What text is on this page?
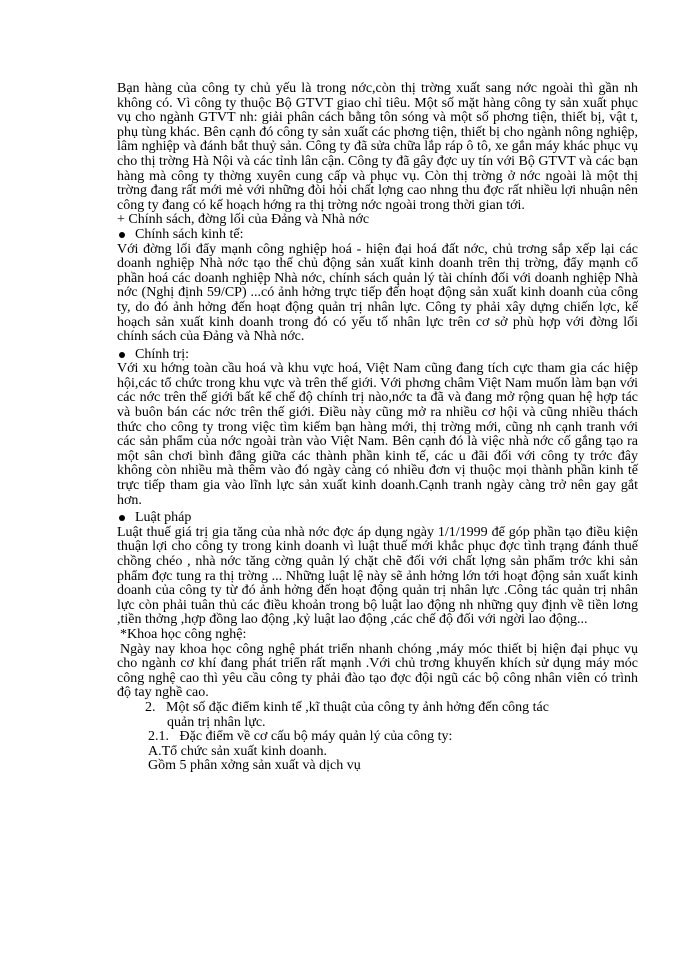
Bạn hàng của công ty chủ yếu là trong nớc,còn thị trờng xuất sang nớc ngoài thì gần nh không có. Vì công ty thuộc Bộ GTVT giao chỉ tiêu. Một số mặt hàng công ty sản xuất phục vụ cho ngành GTVT nh: giải phân cách bằng tôn sóng và một số phơng tiện, thiết bị, vật t, phụ tùng khác. Bên cạnh đó công ty sản xuất các phơng tiện, thiết bị cho ngành nông nghiệp, lâm nghiệp và đánh bắt thuỷ sản. Công ty đã sửa chữa lắp ráp ô tô, xe gắn máy khác phục vụ cho thị trờng Hà Nội và các tỉnh lân cận. Công ty đã gây đợc uy tín với Bộ GTVT và các bạn hàng mà công ty thờng xuyên cung cấp và phục vụ. Còn thị trờng ở nớc ngoài là một thị trờng đang rất mới mẻ với những đòi hỏi chất lợng cao nhng thu đợc rất nhiều lợi nhuận nên công ty đang có kế hoạch hớng ra thị trờng nớc ngoài trong thời gian tới.

+ Chính sách, đờng lối của Đảng và Nhà nớc

Chính sách kinh tế:

Với đờng lối đẩy mạnh công nghiệp hoá - hiện đại hoá đất nớc, chủ trơng sắp xếp lại các doanh nghiệp Nhà nớc tạo thế chủ động sản xuất kinh doanh trên thị trờng, đẩy mạnh cổ phần hoá các doanh nghiệp Nhà nớc, chính sách quản lý tài chính đối với doanh nghiệp Nhà nớc (Nghị định 59/CP) ...có ảnh hởng trực tiếp đến hoạt động sản xuất kinh doanh của công ty, do đó ảnh hởng đến hoạt động quản trị nhân lực. Công ty phải xây dựng chiến lợc, kế hoạch sản xuất kinh doanh trong đó có yếu tố nhân lực trên cơ sở phù hợp với đờng lối chính sách của Đảng và Nhà nớc.

Chính trị:

Với xu hớng toàn cầu hoá và khu vực hoá, Việt Nam cũng đang tích cực tham gia các hiệp hội,các tổ chức trong khu vực và trên thế giới. Với phơng châm Việt Nam muốn làm bạn với các nớc trên thế giới bất kể chế độ chính trị nào,nớc ta đã và đang mở rộng quan hệ hợp tác và buôn bán các nớc trên thế giới. Điều này cũng mở ra nhiều cơ hội và cũng nhiều thách thức cho công ty trong việc tìm kiếm bạn hàng mới, thị trờng mới, cũng nh cạnh tranh với các sản phẩm của nớc ngoài tràn vào Việt Nam. Bên cạnh đó là việc nhà nớc cố gắng tạo ra một sân chơi bình đẳng giữa các thành phần kinh tế, các u đãi đối với công ty trớc đây không còn nhiều mà thêm vào đó ngày càng có nhiều đơn vị thuộc mọi thành phần kinh tế trực tiếp tham gia vào lĩnh lực sản xuất kinh doanh.Cạnh tranh ngày càng trở nên gay gắt hơn.

Luật pháp

Luật thuế giá trị gia tăng của nhà nớc đợc áp dụng ngày 1/1/1999 để góp phần tạo điều kiện thuận lợi cho công ty trong kinh doanh vì luật thuế mới khắc phục đợc tình trạng đánh thuế chồng chéo , nhà nớc tăng cờng quản lý chặt chẽ đối với chất lợng sản phẩm trớc khi sản phẩm đợc tung ra thị trờng ... Những luật lệ này sẽ ảnh hởng lớn tới hoạt động sản xuất kinh doanh của công ty từ đó ảnh hởng đến hoạt động quản trị nhân lực .Công tác quản trị nhân lực còn phải tuân thủ các điều khoản trong bộ luật lao động nh những quy định về tiền lơng ,tiền thởng ,hợp đồng lao động ,kỷ luật lao động ,các chế độ đối với ngời lao động...

*Khoa học công nghệ:

Ngày nay khoa học công nghệ phát triển nhanh chóng ,máy móc thiết bị hiện đại phục vụ cho ngành cơ khí đang phát triển rất mạnh .Với chủ trơng khuyến khích sử dụng máy móc công nghệ cao thì yêu cầu công ty phải đào tạo đợc đội ngũ các bộ công nhân viên có trình độ tay nghề cao.

2. Một số đặc điểm kinh tế ,kĩ thuật của công ty ảnh hởng đến công tác

quản trị nhân lực.

2.1. Đặc điểm về cơ cấu bộ máy quản lý của công ty:

A.Tổ chức sản xuất kinh doanh.

Gồm 5 phân xởng sản xuất và dịch vụ
